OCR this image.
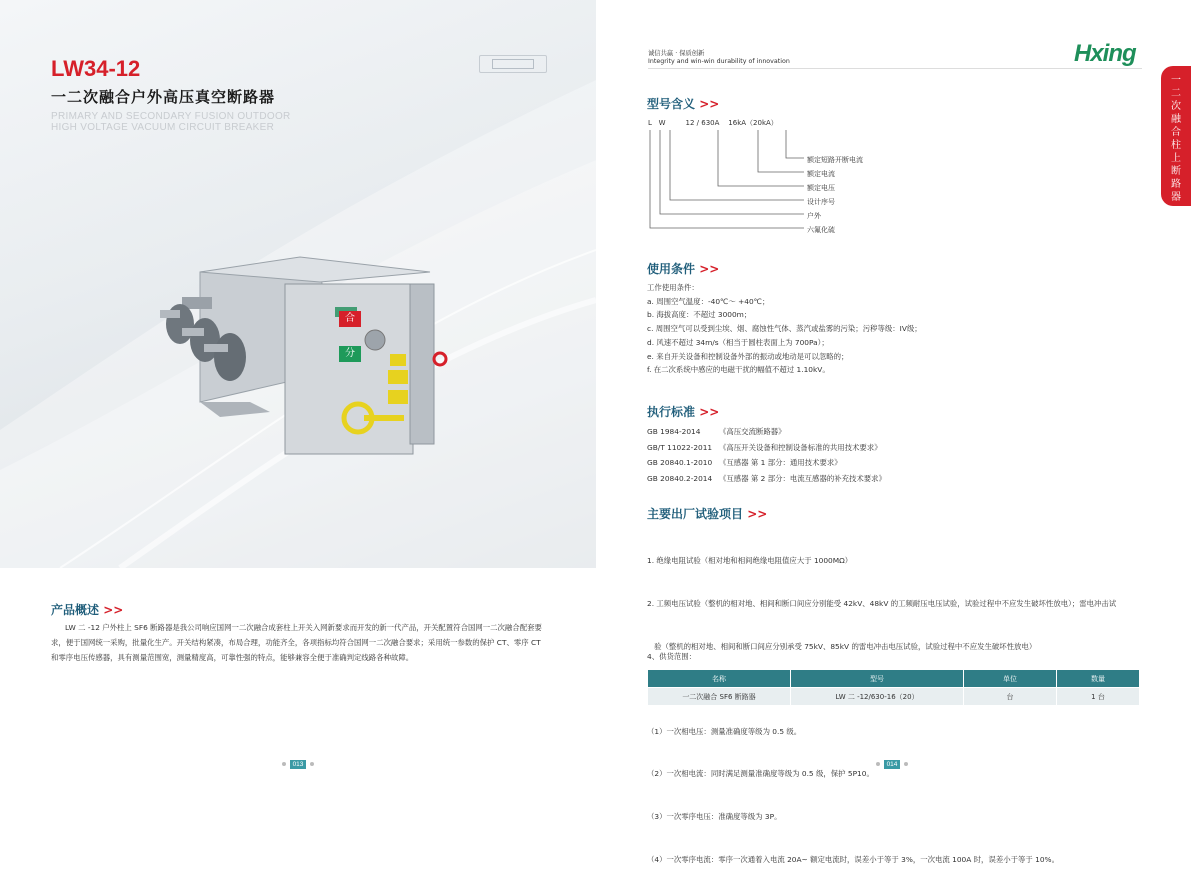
LW34-12
一二次融合户外高压真空断路器
PRIMARY AND SECONDARY FUSION OUTDOOR
HIGH VOLTAGE VACUUM CIRCUIT BREAKER
合
分
产品概述 >>
LW 二 -12 户外柱上 SF6 断路器是我公司响应国网一二次融合成套柱上开关入网新要求而开发的新一代产品，开关配置符合国网一二次融合配套要求，便于国网统一采购，批量化生产。开关结构紧凑，布局合理，功能齐全，各项指标均符合国网一二次融合要求；采用统一参数的保护 CT、零序 CT 和零序电压传感器，具有测量范围宽，测量精度高，可靠性强的特点，能够兼容全便于准确判定线路各种故障。
013
诚信共赢 · 保质创新
Integrity and win-win durability of innovation	Hxing
一二次融合柱上断路器
型号含义 >>
L   W         12 / 630A    16kA（20kA）
额定短路开断电流
额定电流
额定电压
设计序号
户外
六氟化硫
使用条件 >>
工作使用条件：
a. 周围空气温度：-40℃～ +40℃；
b. 海拔高度：不超过 3000m；
c. 周围空气可以受到尘埃、烟、腐蚀性气体、蒸汽或盐雾的污染；污秽等级：IV级；
d. 风速不超过 34m/s（相当于圆柱表面上为 700Pa）；
e. 来自开关设备和控制设备外部的振动或地动是可以忽略的；
f. 在二次系统中感应的电磁干扰的幅值不超过 1.10kV。
执行标准 >>
GB 1984-2014	《高压交流断路器》
GB/T 11022-2011 《高压开关设备和控制设备标准的共用技术要求》
GB 20840.1-2010 《互感器 第 1 部分：通用技术要求》
GB 20840.2-2014 《互感器 第 2 部分：电流互感器的补充技术要求》
主要出厂试验项目 >>

1. 绝缘电阻试验（相对地和相间绝缘电阻值应大于 1000MΩ）

2. 工频电压试验（整机的相对地、相间和断口间应分别能受 42kV、48kV 的工频耐压电压试验，试验过程中不应发生破坏性放电）；雷电冲击试

验（整机的相对地、相间和断口间应分别承受 75kV、85kV 的雷电冲击电压试验，试验过程中不应发生破坏性放电）

（1）一次相电压：测量准确度等级为 0.5 级。

（2）一次相电流：同时满足测量准确度等级为 0.5 级，保护 5P10。

（3）一次零序电压：准确度等级为 3P。

（4）一次零序电流：零序一次通着入电流 20A~ 额定电流时，误差小于等于 3%，一次电流 100A 时，误差小于等于 10%。

4、供货范围：
名称	型号	单位	数量
一二次融合 SF6 断路器	LW 二 -12/630-16（20）	台	1 台
014
